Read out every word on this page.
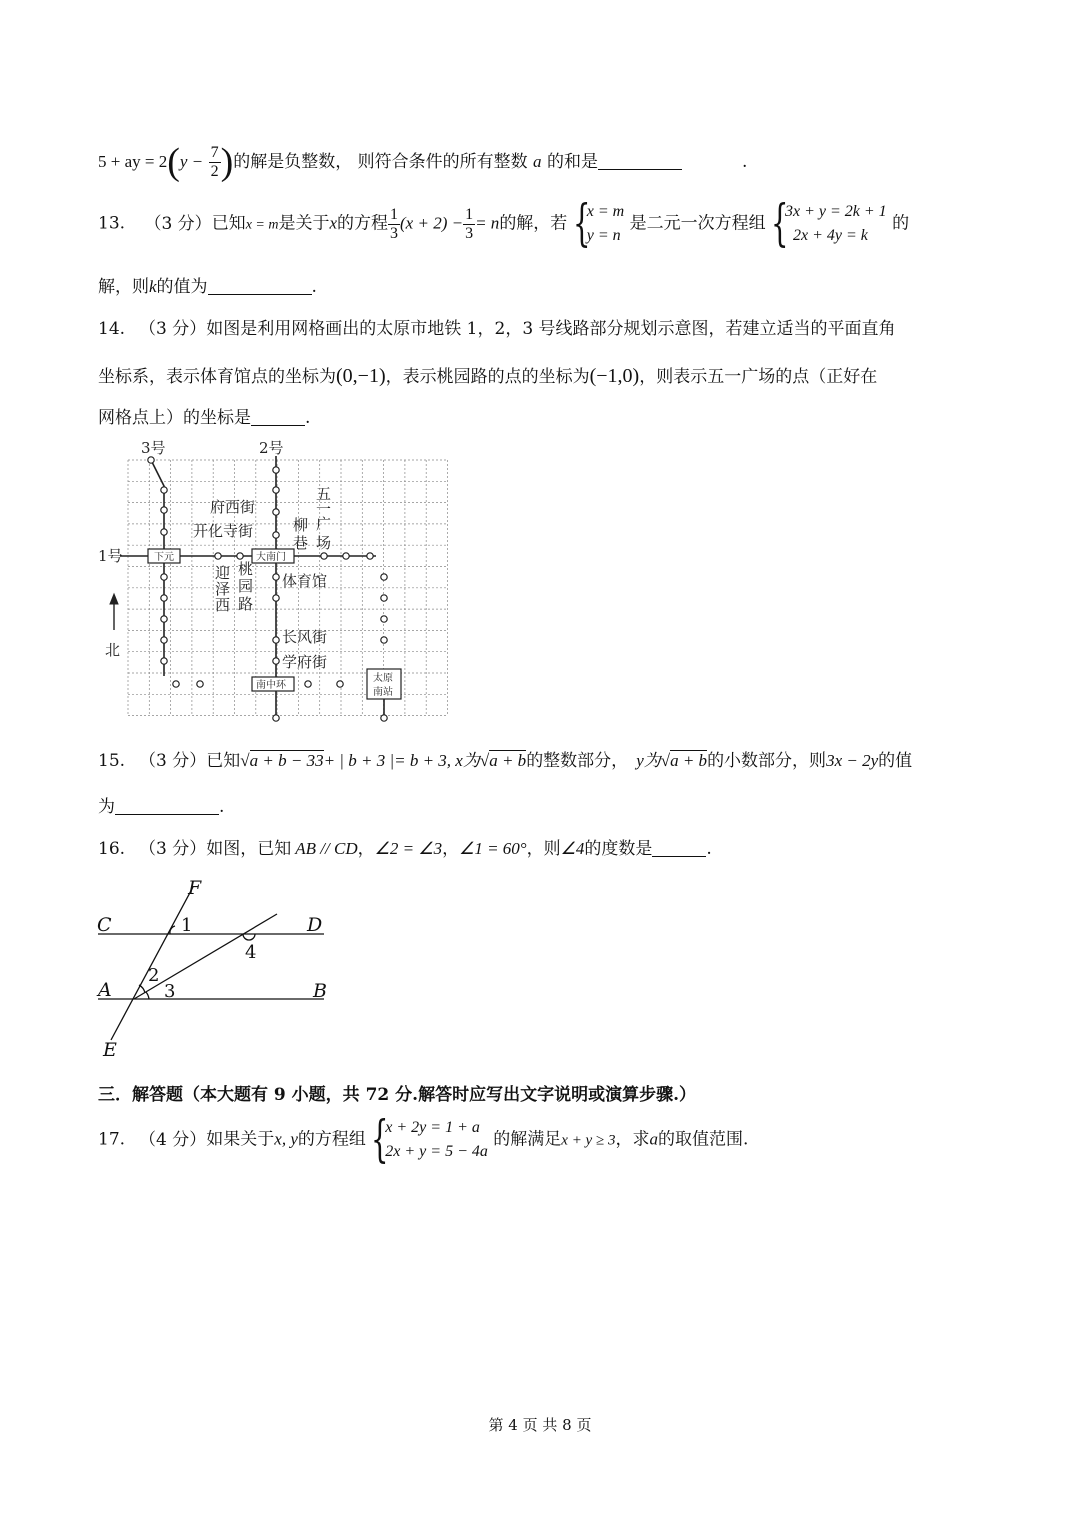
5 + ay = $2(y - \frac{7}{2}$ )的解是负整数， 则符合条件的所有整数 a 的和是	.
13. （3 分）已知x = m是关于x的方程 $\frac{1}{3} (x + 2) - \frac{1}{3} = n$的解，若 {
x = m
y = n
是二元一次方程组 {
3x + y = 2k + 1
2x + 4y = k
的
解，则k的值为	.
14. （3 分）如图是利用网格画出的太原市地铁 1，2，3 号线路部分规划示意图，若建立适当的平面直角
坐标系，表示体育馆点的坐标为(0,−1)，表示桃园路的点的坐标为(−1,0)，则表示五一广场的点（正好在
网格点上）的坐标是	.
3号	2号
1号
北
府西街
开化寺街
五
一
广
场
柳
巷
迎
泽
西
桃
园
路
体育馆
长风街
学府街
下元	大南门
南中环
太原
南站
15. （3 分）已知√a + b − 33+ | b + 3 |= b + 3, x为√a + b的整数部分， y为√a + b的小数部分，则3x − 2y的值
为	.
16. （3 分）如图，已知 AB // CD，∠2 = ∠3，∠1 = 60°，则∠4的度数是	.
F
C	D
A	B
E
1
2
3
4
三．解答题（本大题有 9 小题，共 72 分.解答时应写出文字说明或演算步骤.）
17. （4 分）如果关于x, y的方程组 {
x + 2y = 1 + a
2x + y = 5 − 4a
的解满足x + y ≥ 3，求a的取值范围.
第 4 页 共 8 页
